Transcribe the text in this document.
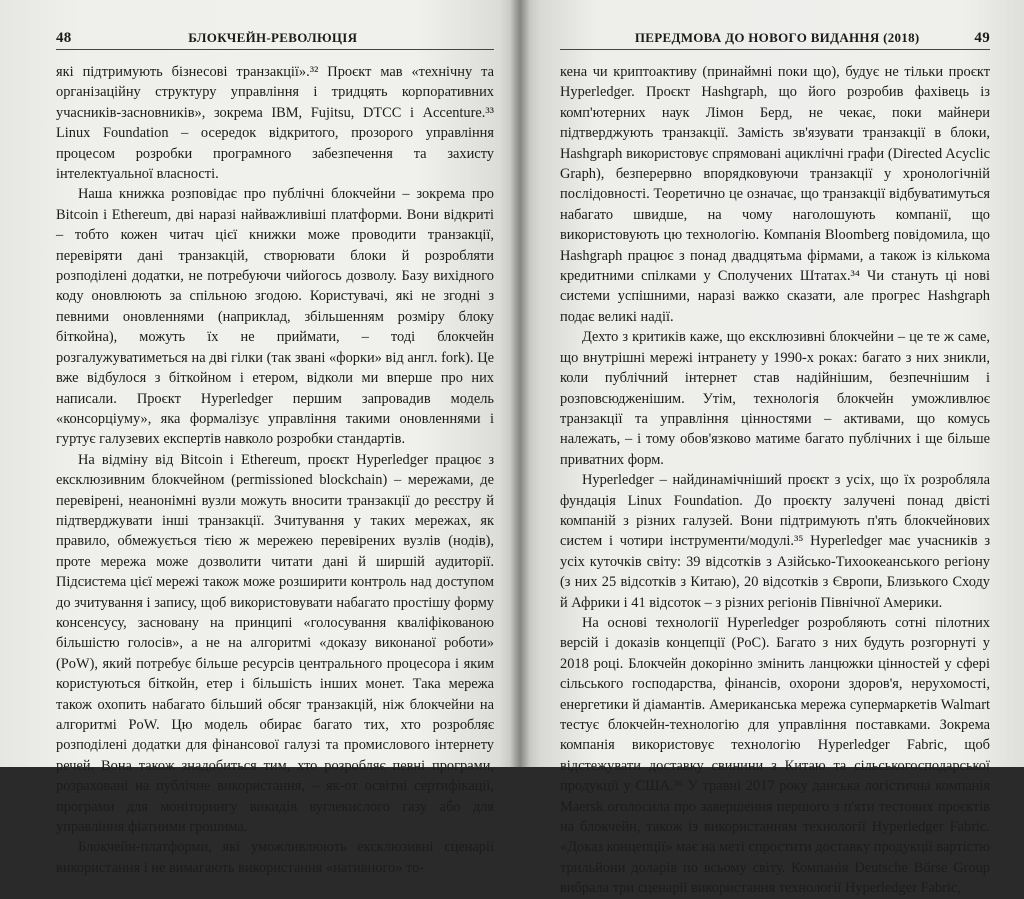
48	БЛОКЧЕЙН-РЕВОЛЮЦІЯ

які підтримують бізнесові транзакції».³² Проєкт мав «технічну та організаційну структуру управління і тридцять корпоративних учасників-засновників», зокрема IBM, Fujitsu, DTCC і Accenture.³³ Linux Foundation – осередок відкритого, прозорого управління процесом розробки програмного забезпечення та захисту інтелектуальної власності.

Наша книжка розповідає про публічні блокчейни – зокрема про Bitcoin і Ethereum, дві наразі найважливіші платформи. Вони відкриті – тобто кожен читач цієї книжки може проводити транзакції, перевіряти дані транзакцій, створювати блоки й розробляти розподілені додатки, не потребуючи чийогось дозволу. Базу вихідного коду оновлюють за спільною згодою. Користувачі, які не згодні з певними оновленнями (наприклад, збільшенням розміру блоку біткойна), можуть їх не приймати, – тоді блокчейн розгалужуватиметься на дві гілки (так звані «форки» від англ. fork). Це вже відбулося з біткойном і етером, відколи ми вперше про них написали. Проєкт Hyperledger першим запровадив модель «консорціуму», яка формалізує управління такими оновленнями і гуртує галузевих експертів навколо розробки стандартів.

На відміну від Bitcoin і Ethereum, проєкт Hyperledger працює з ексклюзивним блокчейном (permissioned blockchain) – мережами, де перевірені, неанонімні вузли можуть вносити транзакції до реєстру й підтверджувати інші транзакції. Зчитування у таких мережах, як правило, обмежується тією ж мережею перевірених вузлів (нодів), проте мережа може дозволити читати дані й ширшій аудиторії. Підсистема цієї мережі також може розширити контроль над доступом до зчитування і запису, щоб використовувати набагато простішу форму консенсусу, засновану на принципі «голосування кваліфікованою більшістю голосів», а не на алгоритмі «доказу виконаної роботи» (PoW), який потребує більше ресурсів центрального процесора і яким користуються біткойн, етер і більшість інших монет. Така мережа також охопить набагато більший обсяг транзакцій, ніж блокчейни на алгоритмі PoW. Цю модель обирає багато тих, хто розробляє розподілені додатки для фінансової галузі та промислового інтернету речей. Вона також знадобиться тим, хто розробляє певні програми, розраховані на публічне використання, – як-от освітні сертифікації, програми для моніторингу викидів вуглекислого газу або для управління фіатними грошима.

Блокчейн-платформи, які уможливлюють ексклюзивні сценарії використання і не вимагають використання «нативного» то-

ПЕРЕДМОВА ДО НОВОГО ВИДАННЯ (2018)	49

кена чи криптоактиву (принаймні поки що), будує не тільки проєкт Hyperledger. Проєкт Hashgraph, що його розробив фахівець із комп'ютерних наук Лімон Берд, не чекає, поки майнери підтверджують транзакції. Замість зв'язувати транзакції в блоки, Hashgraph використовує спрямовані ациклічні графи (Directed Acyclic Graph), безперервно впорядковуючи транзакції у хронологічній послідовності. Теоретично це означає, що транзакції відбуватимуться набагато швидше, на чому наголошують компанії, що використовують цю технологію. Компанія Bloomberg повідомила, що Hashgraph працює з понад двадцятьма фірмами, а також із кількома кредитними спілками у Сполучених Штатах.³⁴ Чи стануть ці нові системи успішними, наразі важко сказати, але прогрес Hashgraph подає великі надії.

Дехто з критиків каже, що ексклюзивні блокчейни – це те ж саме, що внутрішні мережі інтранету у 1990-х роках: багато з них зникли, коли публічний інтернет став надійнішим, безпечнішим і розповсюдженішим. Утім, технологія блокчейн уможливлює транзакції та управління цінностями – активами, що комусь належать, – і тому обов'язково матиме багато публічних і ще більше приватних форм.

Hyperledger – найдинамічніший проєкт з усіх, що їх розробляла фундація Linux Foundation. До проєкту залучені понад двісті компаній з різних галузей. Вони підтримують п'ять блокчейнових систем і чотири інструменти/модулі.³⁵ Hyperledger має учасників з усіх куточків світу: 39 відсотків з Азійсько-Тихоокеанського регіону (з них 25 відсотків з Китаю), 20 відсотків з Європи, Близького Сходу й Африки і 41 відсоток – з різних регіонів Північної Америки.

На основі технології Hyperledger розробляють сотні пілотних версій і доказів концепції (PoC). Багато з них будуть розгорнуті у 2018 році. Блокчейн докорінно змінить ланцюжки цінностей у сфері сільського господарства, фінансів, охорони здоров'я, нерухомості, енергетики й діамантів. Американська мережа супермаркетів Walmart тестує блокчейн-технологію для управління поставками. Зокрема компанія використовує технологію Hyperledger Fabric, щоб відстежувати доставку свинини з Китаю та сільськогосподарської продукції у США.³⁶ У травні 2017 року данська логістична компанія Maersk оголосила про завершення першого з п'яти тестових проєктів на блокчейн, також із використанням технології Hyperledger Fabric. «Доказ концепції» має на меті спростити доставку продукції вартістю трильйони доларів по всьому світу. Компанія Deutsche Börse Group вибрала три сценарії використання технології Hyperledger Fabric,
